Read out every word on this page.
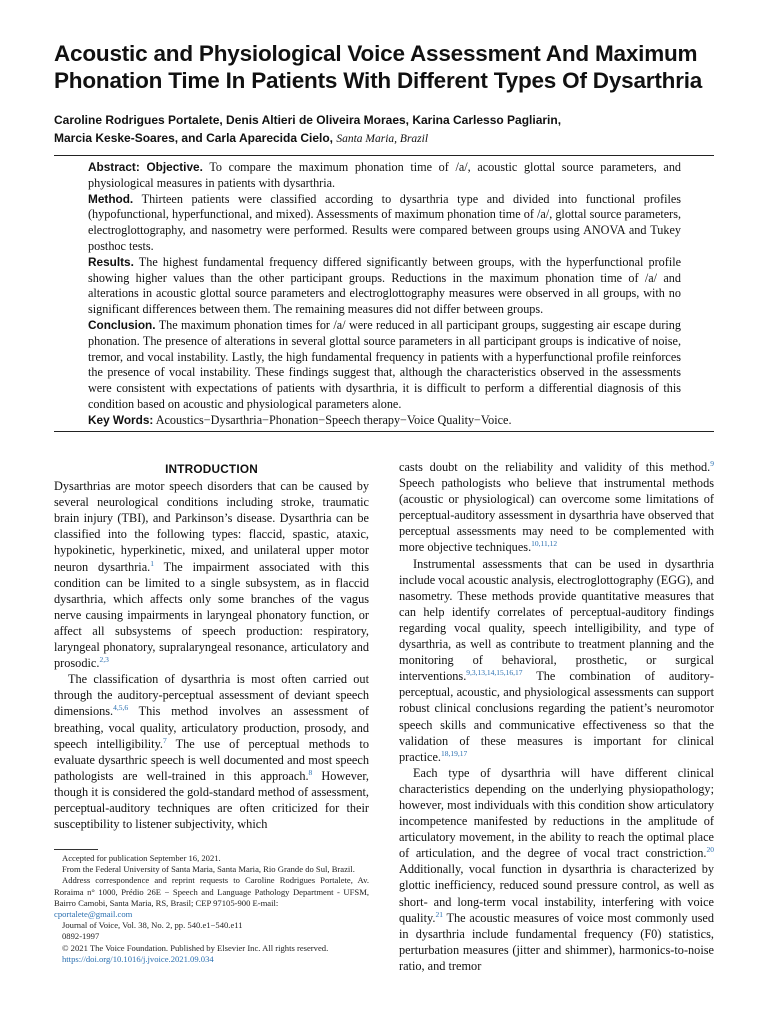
Acoustic and Physiological Voice Assessment And Maximum Phonation Time In Patients With Different Types Of Dysarthria
Caroline Rodrigues Portalete, Denis Altieri de Oliveira Moraes, Karina Carlesso Pagliarin,
Marcia Keske-Soares, and Carla Aparecida Cielo, Santa Maria, Brazil

Abstract: Objective. To compare the maximum phonation time of /a/, acoustic glottal source parameters, and physiological measures in patients with dysarthria.

Method. Thirteen patients were classified according to dysarthria type and divided into functional profiles (hypofunctional, hyperfunctional, and mixed). Assessments of maximum phonation time of /a/, glottal source parameters, electroglottography, and nasometry were performed. Results were compared between groups using ANOVA and Tukey posthoc tests.

Results. The highest fundamental frequency differed significantly between groups, with the hyperfunctional profile showing higher values than the other participant groups. Reductions in the maximum phonation time of /a/ and alterations in acoustic glottal source parameters and electroglottography measures were observed in all groups, with no significant differences between them. The remaining measures did not differ between groups.

Conclusion. The maximum phonation times for /a/ were reduced in all participant groups, suggesting air escape during phonation. The presence of alterations in several glottal source parameters in all participant groups is indicative of noise, tremor, and vocal instability. Lastly, the high fundamental frequency in patients with a hyperfunctional profile reinforces the presence of vocal instability. These findings suggest that, although the characteristics observed in the assessments were consistent with expectations of patients with dysarthria, it is difficult to perform a differential diagnosis of this condition based on acoustic and physiological parameters alone.

Key Words: Acoustics−Dysarthria−Phonation−Speech therapy−Voice Quality−Voice.

INTRODUCTION

Dysarthrias are motor speech disorders that can be caused by several neurological conditions including stroke, traumatic brain injury (TBI), and Parkinson’s disease. Dysarthria can be classified into the following types: flaccid, spastic, ataxic, hypokinetic, hyperkinetic, mixed, and unilateral upper motor neuron dysarthria.$^1$ The impairment associated with this condition can be limited to a single subsystem, as in flaccid dysarthria, which affects only some branches of the vagus nerve causing impairments in laryngeal phonatory function, or affect all subsystems of speech production: respiratory, laryngeal phonatory, supralaryngeal resonance, articulatory and prosodic.$^{2,3}$

The classification of dysarthria is most often carried out through the auditory-perceptual assessment of deviant speech dimensions.$^{4,5,6}$ This method involves an assessment of breathing, vocal quality, articulatory production, prosody, and speech intelligibility.$^7$ The use of perceptual methods to evaluate dysarthric speech is well documented and most speech pathologists are well-trained in this approach.$^8$ However, though it is considered the gold-standard method of assessment, perceptual-auditory techniques are often criticized for their susceptibility to listener subjectivity, which

casts doubt on the reliability and validity of this method.$^9$ Speech pathologists who believe that instrumental methods (acoustic or physiological) can overcome some limitations of perceptual-auditory assessment in dysarthria have observed that perceptual assessments may need to be complemented with more objective techniques.$^{10,11,12}$

Instrumental assessments that can be used in dysarthria include vocal acoustic analysis, electroglottography (EGG), and nasometry. These methods provide quantitative measures that can help identify correlates of perceptual-auditory findings regarding vocal quality, speech intelligibility, and type of dysarthria, as well as contribute to treatment planning and the monitoring of behavioral, prosthetic, or surgical interventions.$^{9,3,13,14,15,16,17}$ The combination of auditory-perceptual, acoustic, and physiological assessments can support robust clinical conclusions regarding the patient’s neuromotor speech skills and communicative effectiveness so that the validation of these measures is important for clinical practice.$^{18,19,17}$

Each type of dysarthria will have different clinical characteristics depending on the underlying physiopathology; however, most individuals with this condition show articulatory incompetence manifested by reductions in the amplitude of articulatory movement, in the ability to reach the optimal place of articulation, and the degree of vocal tract constriction.$^{20}$ Additionally, vocal function in dysarthria is characterized by glottic inefficiency, reduced sound pressure control, as well as short- and long-term vocal instability, interfering with voice quality.$^{21}$ The acoustic measures of voice most commonly used in dysarthria include fundamental frequency (F0) statistics, perturbation measures (jitter and shimmer), harmonics-to-noise ratio, and tremor

Accepted for publication September 16, 2021.

From the Federal University of Santa Maria, Santa Maria, Rio Grande do Sul, Brazil.

Address correspondence and reprint requests to Caroline Rodrigues Portalete, Av. Roraima n° 1000, Prédio 26E − Speech and Language Pathology Department - UFSM, Bairro Camobi, Santa Maria, RS, Brasil; CEP 97105-900 E-mail:

cportalete@gmail.com

Journal of Voice, Vol. 38, No. 2, pp. 540.e1−540.e11

0892-1997

© 2021 The Voice Foundation. Published by Elsevier Inc. All rights reserved.

https://doi.org/10.1016/j.jvoice.2021.09.034
